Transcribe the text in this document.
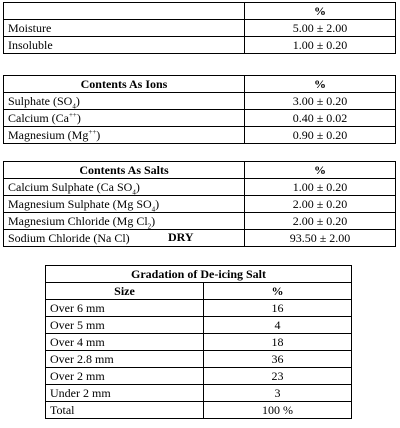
	%
Moisture	5.00 ± 2.00
Insoluble	1.00 ± 0.20
Contents As Ions	%
Sulphate $(SO_4)$	3.00 ± 0.20
Calcium (Ca++)	0.40 ± 0.02
Magnesium (Mg++)	0.90 ± 0.20
Contents As Salts	%
Calcium Sulphate (Ca $SO_4$)	1.00 ± 0.20
Magnesium Sulphate (Mg $SO_4$)	2.00 ± 0.20
Magnesium Chloride (Mg $Cl_2$)	2.00 ± 0.20
Sodium Chloride (Na Cl) DRY	93.50 ± 2.00
Gradation of De-icing Salt	
Size	%
Over 6 mm	16
Over 5 mm	4
Over 4 mm	18
Over 2.8 mm	36
Over 2 mm	23
Under 2 mm	3
Total	100 %
